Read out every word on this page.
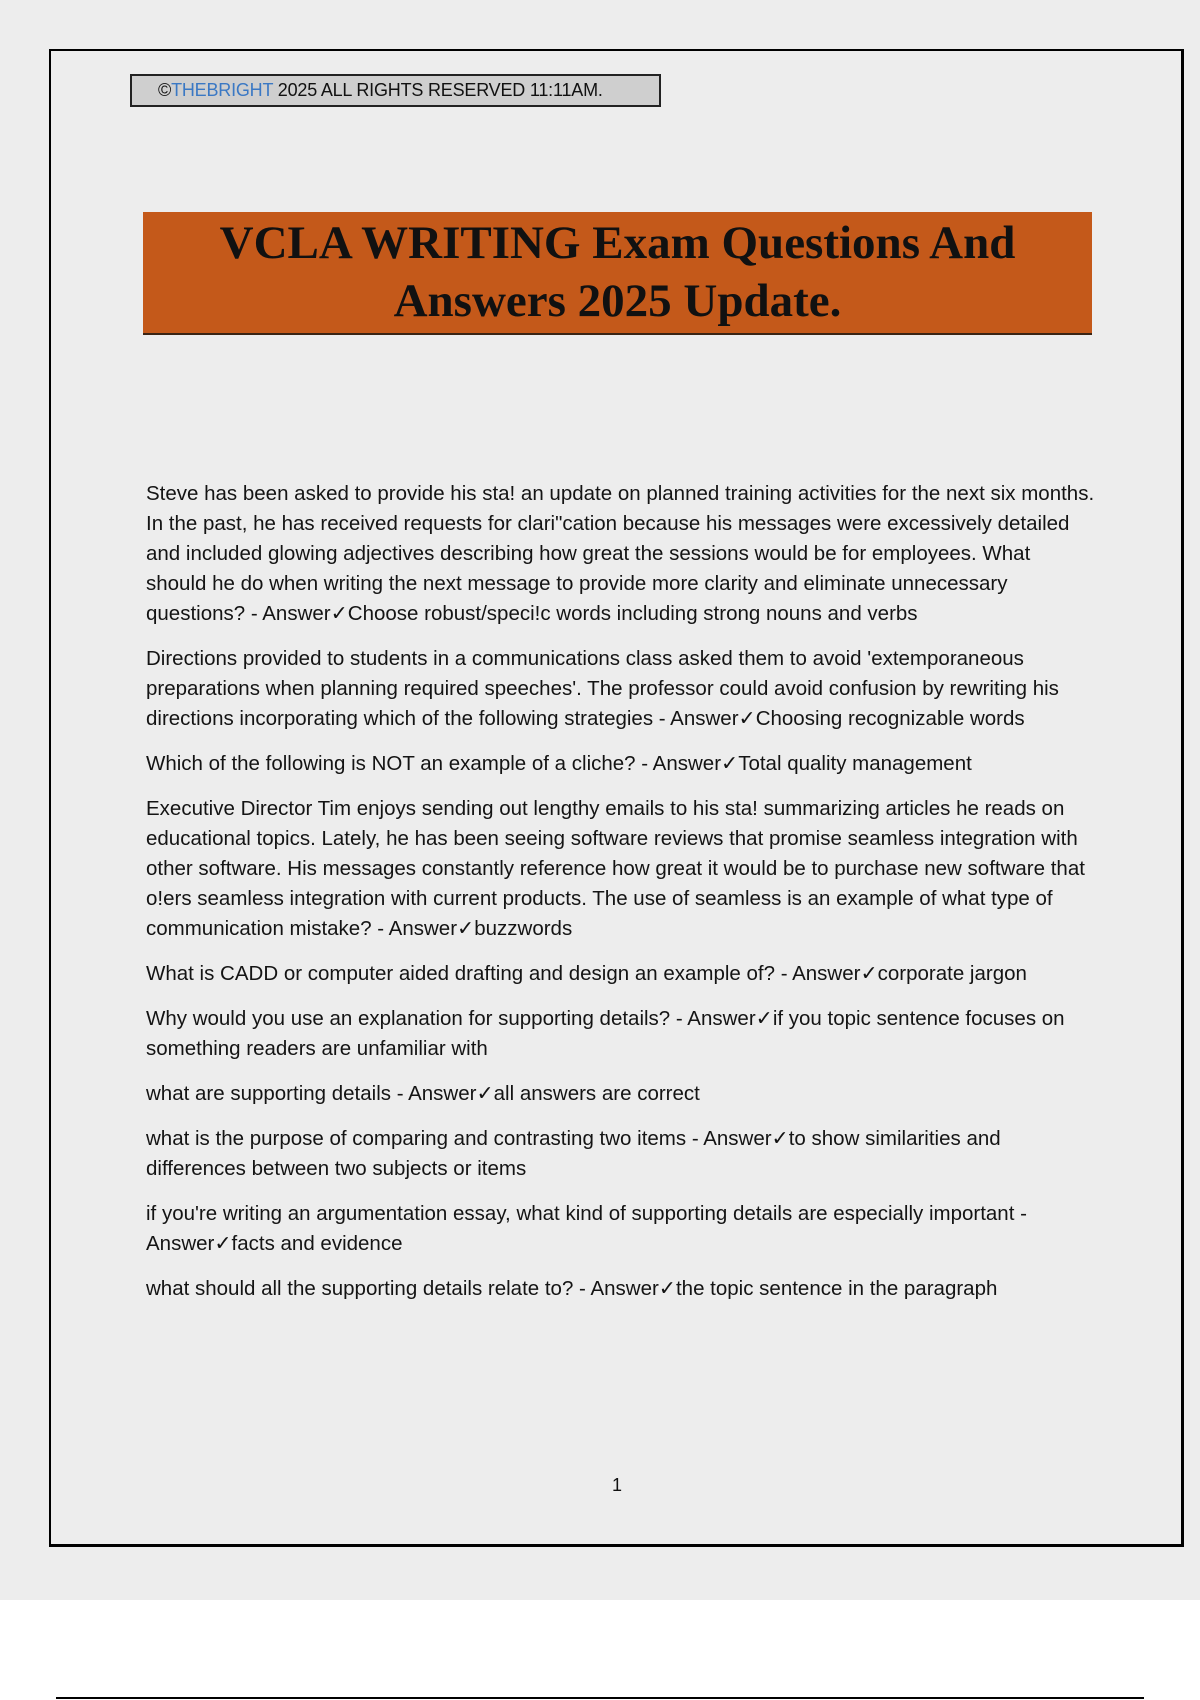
©THEBRIGHT 2025 ALL RIGHTS RESERVED 11:11AM.
VCLA WRITING Exam Questions And
Answers 2025 Update.

Steve has been asked to provide his sta! an update on planned training activities for the next six months. In the past, he has received requests for clari"cation because his messages were excessively detailed and included glowing adjectives describing how great the sessions would be for employees. What should he do when writing the next message to provide more clarity and eliminate unnecessary questions? - Answer✓Choose robust/speci!c words including strong nouns and verbs

Directions provided to students in a communications class asked them to avoid 'extemporaneous preparations when planning required speeches'. The professor could avoid confusion by rewriting his directions incorporating which of the following strategies - Answer✓Choosing recognizable words

Which of the following is NOT an example of a cliche? - Answer✓Total quality management

Executive Director Tim enjoys sending out lengthy emails to his sta! summarizing articles he reads on educational topics. Lately, he has been seeing software reviews that promise seamless integration with other software. His messages constantly reference how great it would be to purchase new software that o!ers seamless integration with current products. The use of seamless is an example of what type of communication mistake? - Answer✓buzzwords

What is CADD or computer aided drafting and design an example of? - Answer✓corporate jargon

Why would you use an explanation for supporting details? - Answer✓if you topic sentence focuses on something readers are unfamiliar with

what are supporting details - Answer✓all answers are correct

what is the purpose of comparing and contrasting two items - Answer✓to show similarities and differences between two subjects or items

if you're writing an argumentation essay, what kind of supporting details are especially important - Answer✓facts and evidence

what should all the supporting details relate to? - Answer✓the topic sentence in the paragraph

1
